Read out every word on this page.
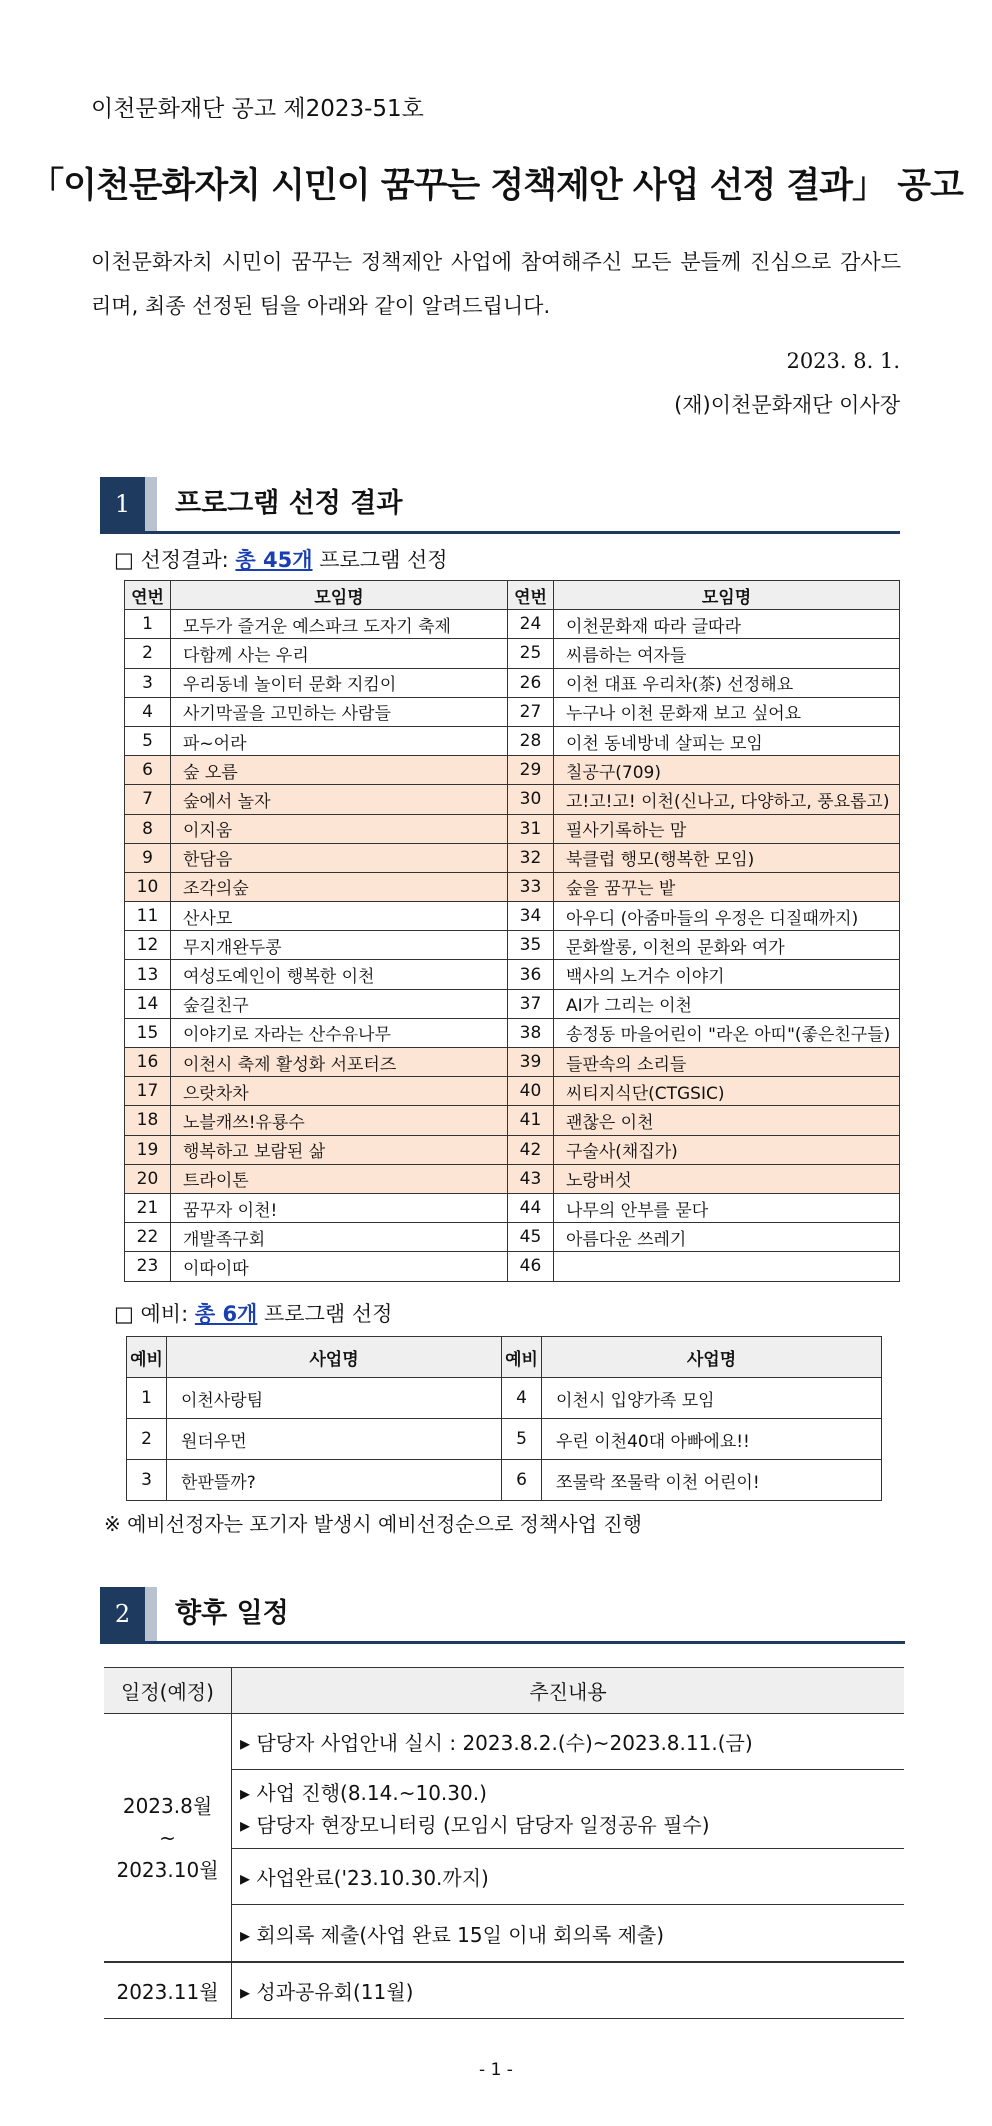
이천문화재단 공고 제2023-51호
「이천문화자치 시민이 꿈꾸는 정책제안 사업 선정 결과」 공고
이천문화자치 시민이 꿈꾸는 정책제안 사업에 참여해주신 모든 분들께 진심으로 감사드리며, 최종 선정된 팀을 아래와 같이 알려드립니다.
2023. 8. 1.
(재)이천문화재단 이사장
1	프로그램 선정 결과
□ 선정결과: 총 45개 프로그램 선정
연번	모임명	연번	모임명
1	모두가 즐거운 예스파크 도자기 축제	24	이천문화재 따라 글따라
2	다함께 사는 우리	25	씨름하는 여자들
3	우리동네 놀이터 문화 지킴이	26	이천 대표 우리차(茶) 선정해요
4	사기막골을 고민하는 사람들	27	누구나 이천 문화재 보고 싶어요
5	파~어라	28	이천 동네방네 살피는 모임
6	숲 오름	29	칠공구(709)
7	숲에서 놀자	30	고!고!고! 이천(신나고, 다양하고, 풍요롭고)
8	이지움	31	필사기록하는 맘
9	한담음	32	북클럽 행모(행복한 모임)
10	조각의숲	33	숲을 꿈꾸는 밭
11	산사모	34	아우디 (아줌마들의 우정은 디질때까지)
12	무지개완두콩	35	문화쌀롱, 이천의 문화와 여가
13	여성도예인이 행복한 이천	36	백사의 노거수 이야기
14	숲길친구	37	AI가 그리는 이천
15	이야기로 자라는 산수유나무	38	송정동 마을어린이 "라온 아띠"(좋은친구들)
16	이천시 축제 활성화 서포터즈	39	들판속의 소리들
17	으랏차차	40	씨티지식단(CTGSIC)
18	노블캐쓰!유룡수	41	괜찮은 이천
19	행복하고 보람된 삶	42	구술사(채집가)
20	트라이톤	43	노랑버섯
21	꿈꾸자 이천!	44	나무의 안부를 묻다
22	개발족구회	45	아름다운 쓰레기
23	이따이따	46	
□ 예비: 총 6개 프로그램 선정
예비	사업명	예비	사업명
1	이천사랑팀	4	이천시 입양가족 모임
2	원더우먼	5	우린 이천40대 아빠에요!!
3	한판뜰까?	6	쪼물락 쪼물락 이천 어린이!
※ 예비선정자는 포기자 발생시 예비선정순으로 정책사업 진행
2	향후 일정
일정(예정)	추진내용

2023.8월
~
2023.10월	▸ 담당자 사업안내 실시 : 2023.8.2.(수)~2023.8.11.(금)

	▸ 사업 진행(8.14.~10.30.)
▸ 담당자 현장모니터링 (모임시 담당자 일정공유 필수)

	▸ 사업완료('23.10.30.까지)
	▸ 회의록 제출(사업 완료 15일 이내 회의록 제출)
2023.11월	▸ 성과공유회(11월)
- 1 -
